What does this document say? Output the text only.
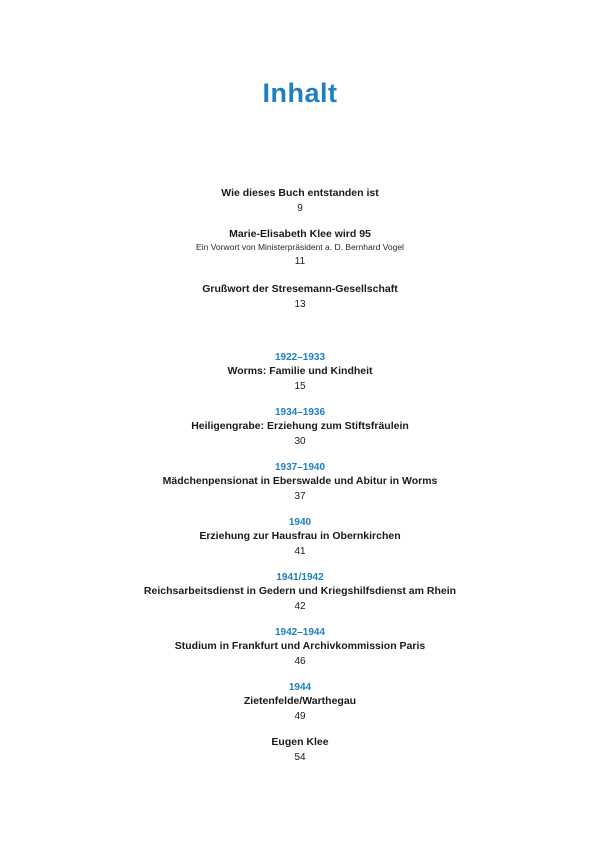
Inhalt
Wie dieses Buch entstanden ist
9
Marie-Elisabeth Klee wird 95
Ein Vorwort von Ministerpräsident a. D. Bernhard Vogel
11
Grußwort der Stresemann-Gesellschaft
13
1922–1933
Worms: Familie und Kindheit
15
1934–1936
Heiligengrabe: Erziehung zum Stiftsfräulein
30
1937–1940
Mädchenpensionat in Eberswalde und Abitur in Worms
37
1940
Erziehung zur Hausfrau in Obernkirchen
41
1941/1942
Reichsarbeitsdienst in Gedern und Kriegshilfsdienst am Rhein
42
1942–1944
Studium in Frankfurt und Archivkommission Paris
46
1944
Zietenfelde/Warthegau
49
Eugen Klee
54
